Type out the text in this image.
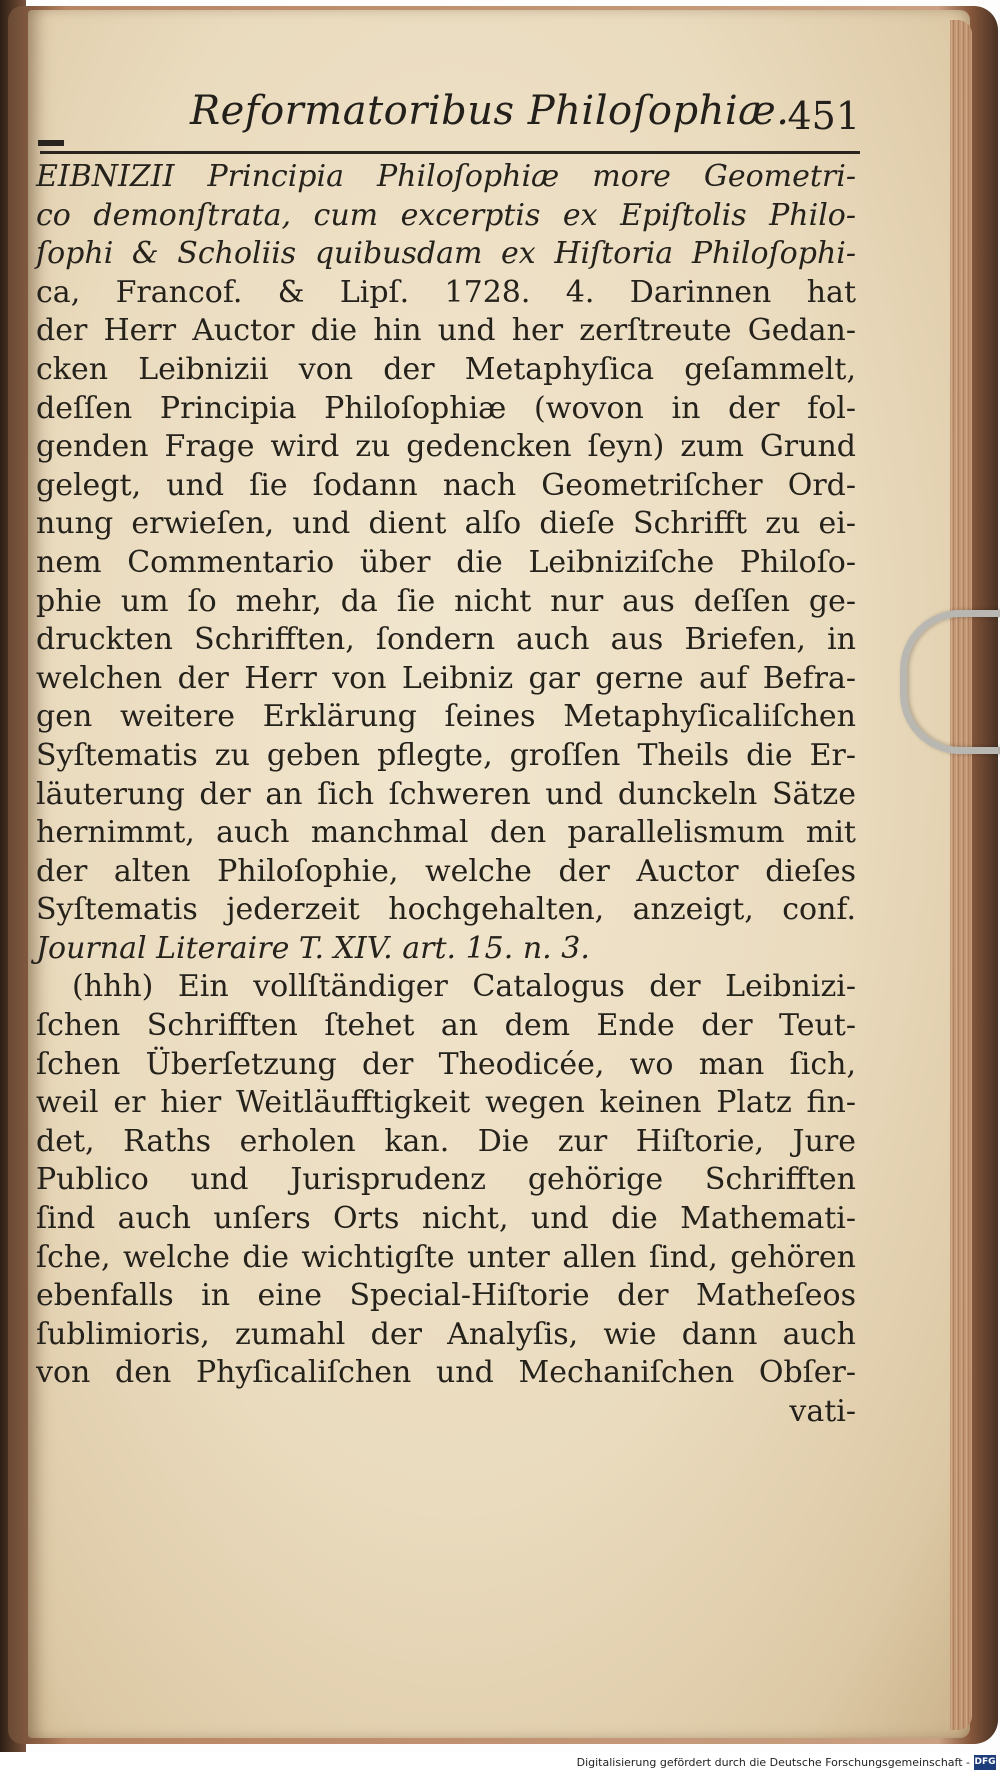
Reformatoribus Philoſophiæ.
451
EIBNIZII Principia Philoſophiæ more Geometri-
co demonſtrata, cum excerptis ex Epiſtolis Philo-
ſophi & Scholiis quibusdam ex Hiſtoria Philoſophi-
ca, Francof. & Lipſ. 1728. 4. Darinnen hat
der Herr Auctor die hin und her zerſtreute Gedan-
cken Leibnizii von der Metaphyſica geſammelt,
deſſen Principia Philoſophiæ (wovon in der fol-
genden Frage wird zu gedencken ſeyn) zum Grund
gelegt, und ſie ſodann nach Geometriſcher Ord-
nung erwieſen, und dient alſo dieſe Schrifft zu ei-
nem Commentario über die Leibniziſche Philoſo-
phie um ſo mehr, da ſie nicht nur aus deſſen ge-
druckten Schrifften, ſondern auch aus Briefen, in
welchen der Herr von Leibniz gar gerne auf Befra-
gen weitere Erklärung ſeines Metaphyſicaliſchen
Syſtematis zu geben pflegte, groſſen Theils die Er-
läuterung der an ſich ſchweren und dunckeln Sätze
hernimmt, auch manchmal den parallelismum mit
der alten Philoſophie, welche der Auctor dieſes
Syſtematis jederzeit hochgehalten, anzeigt, conf.
Journal Literaire T. XIV. art. 15. n. 3.
(hhh) Ein vollſtändiger Catalogus der Leibnizi-
ſchen Schrifften ſtehet an dem Ende der Teut-
ſchen Überſetzung der Theodicée, wo man ſich,
weil er hier Weitläufftigkeit wegen keinen Platz fin-
det, Raths erholen kan. Die zur Hiſtorie, Jure
Publico und Jurisprudenz gehörige Schrifften
ſind auch unſers Orts nicht, und die Mathemati-
ſche, welche die wichtigſte unter allen ſind, gehören
ebenfalls in eine Special-Hiſtorie der Matheſeos
ſublimioris, zumahl der Analyſis, wie dann auch
von den Phyſicaliſchen und Mechaniſchen Obſer-
vati-
Digitalisierung gefördert durch die Deutsche Forschungsgemeinschaft - DFG
